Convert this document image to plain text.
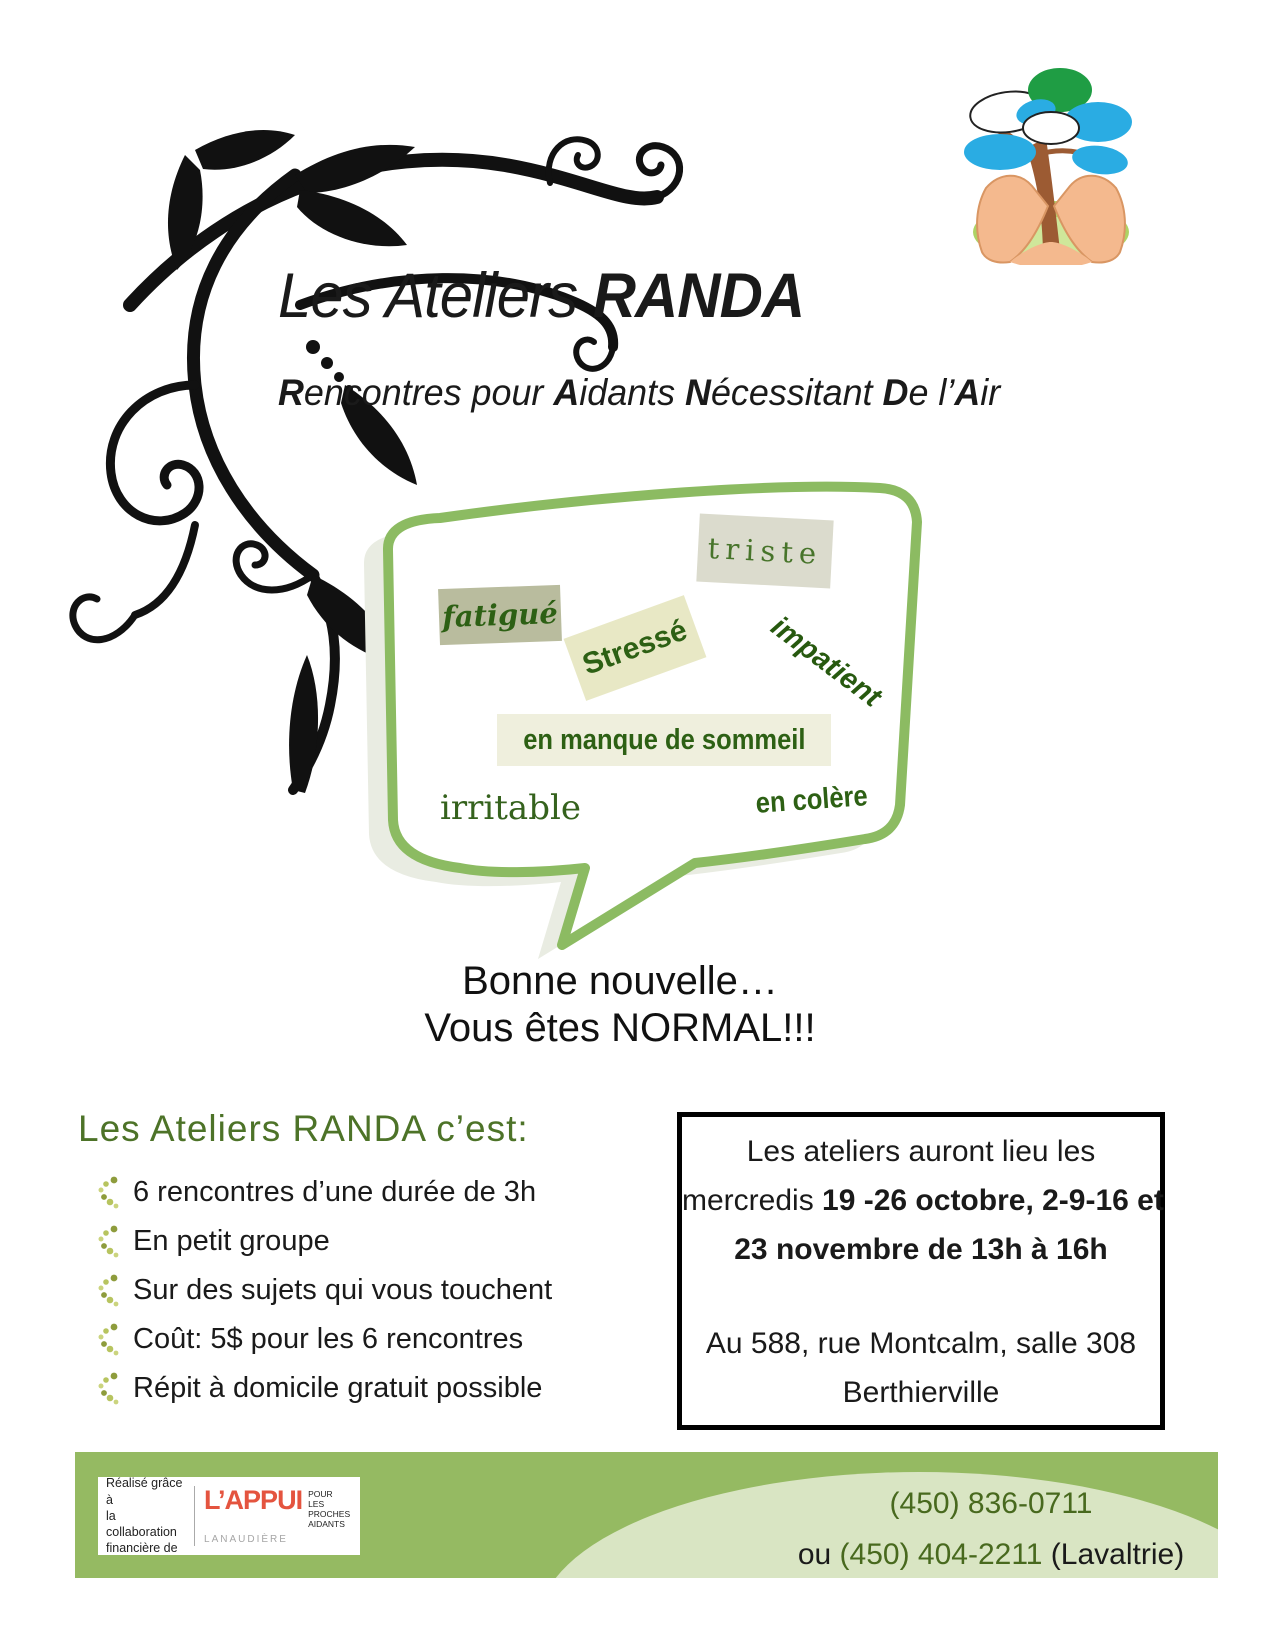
Les Ateliers RANDA
Rencontres pour Aidants Nécessitant De l’Air
triste
fatigué Stressé	impatient
en manque de sommeil
irritable	en colère
Bonne nouvelle…
Vous êtes NORMAL!!!
Les Ateliers RANDA c’est:
6 rencontres d’une durée de 3h
En petit groupe
Sur des sujets qui vous touchent
Coût: 5$ pour les 6 rencontres
Répit à domicile gratuit possible
Les ateliers auront lieu les
mercredis 19 -26 octobre, 2-9-16 et
23 novembre de 13h à 16h
Au 588, rue Montcalm, salle 308
Berthierville
Réalisé grâce à
la collaboration
financière de
L’APPUI POUR
LES PROCHES
AIDANTS
LANAUDIÈRE
(450) 836-0711
ou (450) 404-2211 (Lavaltrie)
